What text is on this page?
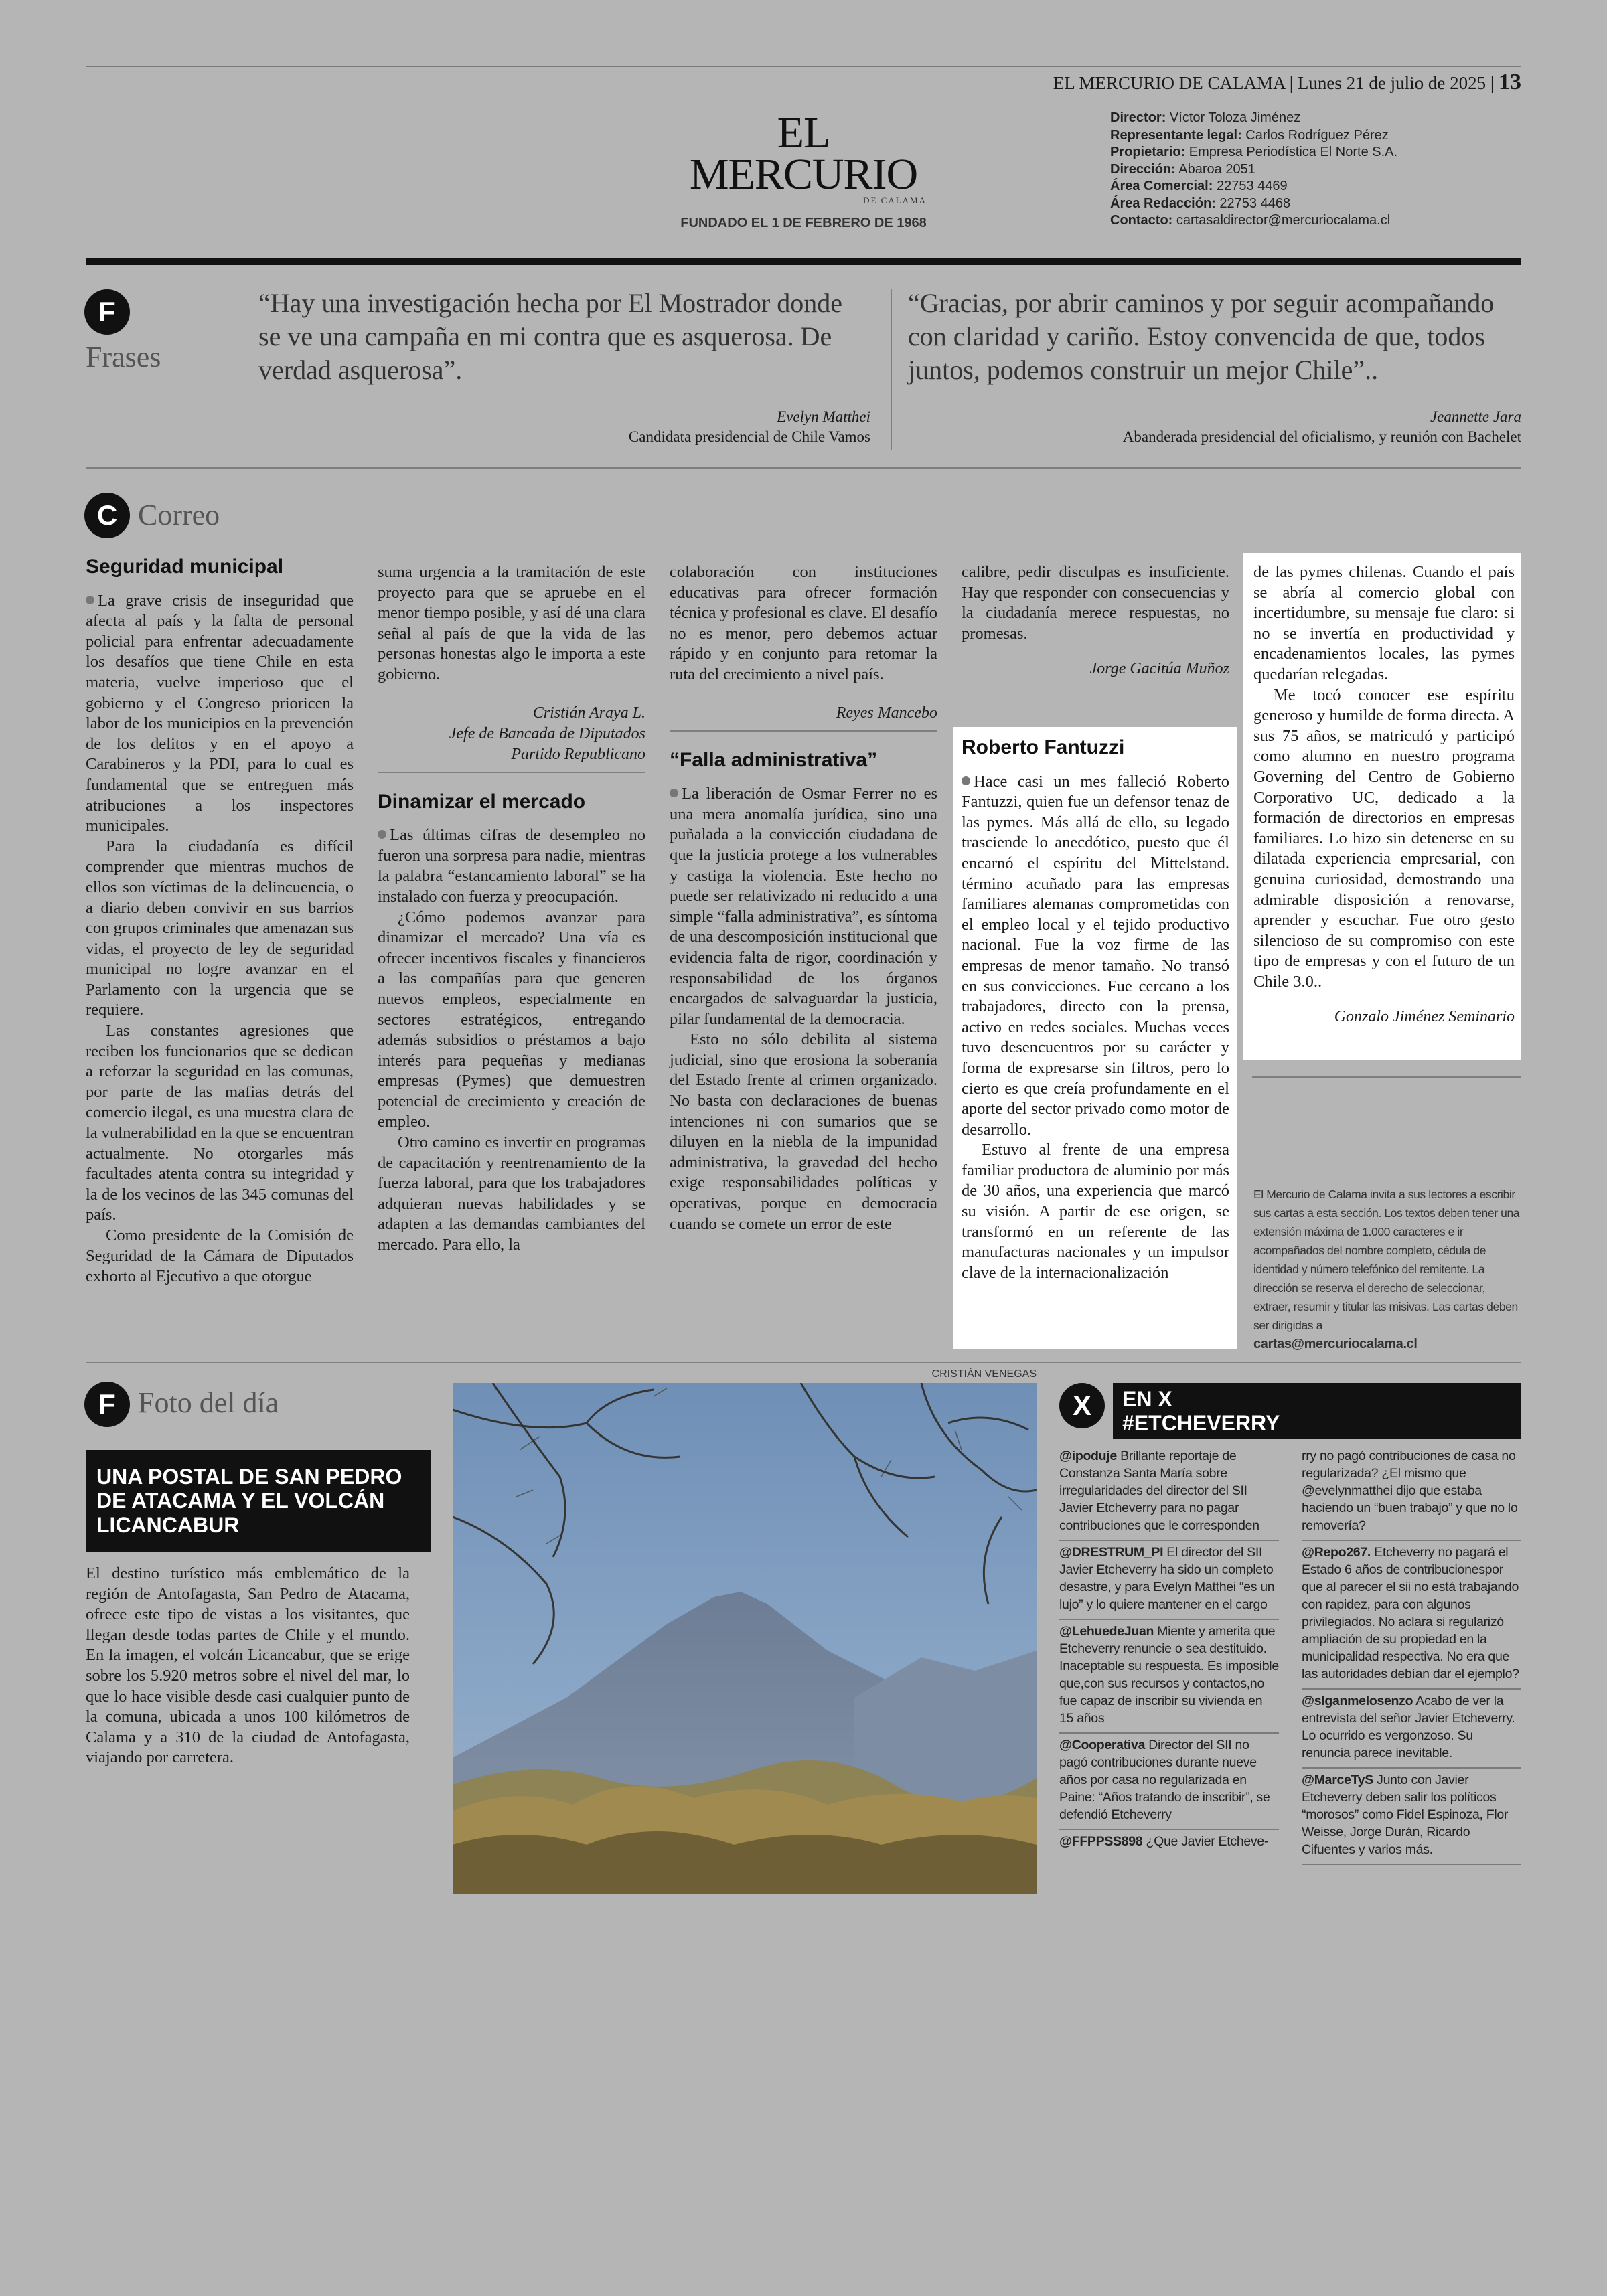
EL MERCURIO DE CALAMA | Lunes 21 de julio de 2025 | 13
EL MERCURIO
DE CALAMA
FUNDADO EL 1 DE FEBRERO DE 1968
Director: Víctor Toloza Jiménez
Representante legal: Carlos Rodríguez Pérez
Propietario: Empresa Periodística El Norte S.A.
Dirección: Abaroa 2051
Área Comercial: 22753 4469
Área Redacción: 22753 4468
Contacto: cartasaldirector@mercuriocalama.cl
F
Frases
“Hay una investigación hecha por El Mostrador donde se ve una campaña en mi contra que es asquerosa. De verdad asquerosa”.
Evelyn Matthei
Candidata presidencial de Chile Vamos
“Gracias, por abrir caminos y por seguir acompañando con claridad y cariño. Estoy convencida de que, todos juntos, podemos construir un mejor Chile”..
Jeannette Jara
Abanderada presidencial del oficialismo, y reunión con Bachelet
C Correo
Seguridad municipal

La grave crisis de inseguridad que afecta al país y la falta de personal policial para enfrentar adecuadamente los desafíos que tiene Chile en esta materia, vuelve imperioso que el gobierno y el Congreso prioricen la labor de los municipios en la prevención de los delitos y en el apoyo a Carabineros y la PDI, para lo cual es fundamental que se entreguen más atribuciones a los inspectores municipales.

Para la ciudadanía es difícil comprender que mientras muchos de ellos son víctimas de la delincuencia, o a diario deben convivir en sus barrios con grupos criminales que amenazan sus vidas, el proyecto de ley de seguridad municipal no logre avanzar en el Parlamento con la urgencia que se requiere.

Las constantes agresiones que reciben los funcionarios que se dedican a reforzar la seguridad en las comunas, por parte de las mafias detrás del comercio ilegal, es una muestra clara de la vulnerabilidad en la que se encuentran actualmente. No otorgarles más facultades atenta contra su integridad y la de los vecinos de las 345 comunas del país.

Como presidente de la Comisión de Seguridad de la Cámara de Diputados exhorto al Ejecutivo a que otorgue

suma urgencia a la tramitación de este proyecto para que se apruebe en el menor tiempo posible, y así dé una clara señal al país de que la vida de las personas honestas algo le importa a este gobierno.

Cristián Araya L.
Jefe de Bancada de Diputados
Partido Republicano
Dinamizar el mercado

Las últimas cifras de desempleo no fueron una sorpresa para nadie, mientras la palabra “estancamiento laboral” se ha instalado con fuerza y preocupación.

¿Cómo podemos avanzar para dinamizar el mercado? Una vía es ofrecer incentivos fiscales y financieros a las compañías para que generen nuevos empleos, especialmente en sectores estratégicos, entregando además subsidios o préstamos a bajo interés para pequeñas y medianas empresas (Pymes) que demuestren potencial de crecimiento y creación de empleo.

Otro camino es invertir en programas de capacitación y reentrenamiento de la fuerza laboral, para que los trabajadores adquieran nuevas habilidades y se adapten a las demandas cambiantes del mercado. Para ello, la

colaboración con instituciones educativas para ofrecer formación técnica y profesional es clave. El desafío no es menor, pero debemos actuar rápido y en conjunto para retomar la ruta del crecimiento a nivel país.

Reyes Mancebo
“Falla administrativa”

La liberación de Osmar Ferrer no es una mera anomalía jurídica, sino una puñalada a la convicción ciudadana de que la justicia protege a los vulnerables y castiga la violencia. Este hecho no puede ser relativizado ni reducido a una simple “falla administrativa”, es síntoma de una descomposición institucional que evidencia falta de rigor, coordinación y responsabilidad de los órganos encargados de salvaguardar la justicia, pilar fundamental de la democracia.

Esto no sólo debilita al sistema judicial, sino que erosiona la soberanía del Estado frente al crimen organizado. No basta con declaraciones de buenas intenciones ni con sumarios que se diluyen en la niebla de la impunidad administrativa, la gravedad del hecho exige responsabilidades políticas y operativas, porque en democracia cuando se comete un error de este

calibre, pedir disculpas es insuficiente. Hay que responder con consecuencias y la ciudadanía merece respuestas, no promesas.

Jorge Gacitúa Muñoz
Roberto Fantuzzi

Hace casi un mes falleció Roberto Fantuzzi, quien fue un defensor tenaz de las pymes. Más allá de ello, su legado trasciende lo anecdótico, puesto que él encarnó el espíritu del Mittelstand. término acuñado para las empresas familiares alemanas comprometidas con el empleo local y el tejido productivo nacional. Fue la voz firme de las empresas de menor tamaño. No transó en sus convicciones. Fue cercano a los trabajadores, directo con la prensa, activo en redes sociales. Muchas veces tuvo desencuentros por su carácter y forma de expresarse sin filtros, pero lo cierto es que creía profundamente en el aporte del sector privado como motor de desarrollo.

Estuvo al frente de una empresa familiar productora de aluminio por más de 30 años, una experiencia que marcó su visión. A partir de ese origen, se transformó en un referente de las manufacturas nacionales y un impulsor clave de la internacionalización

de las pymes chilenas. Cuando el país se abría al comercio global con incertidumbre, su mensaje fue claro: si no se invertía en productividad y encadenamientos locales, las pymes quedarían relegadas.

Me tocó conocer ese espíritu generoso y humilde de forma directa. A sus 75 años, se matriculó y participó como alumno en nuestro programa Governing del Centro de Gobierno Corporativo UC, dedicado a la formación de directorios en empresas familiares. Lo hizo sin detenerse en su dilatada experiencia empresarial, con genuina curiosidad, demostrando una admirable disposición a renovarse, aprender y escuchar. Fue otro gesto silencioso de su compromiso con este tipo de empresas y con el futuro de un Chile 3.0..

Gonzalo Jiménez Seminario
El Mercurio de Calama invita a sus lectores a escribir sus cartas a esta sección. Los textos deben tener una extensión máxima de 1.000 caracteres e ir acompañados del nombre completo, cédula de identidad y número telefónico del remitente. La dirección se reserva el derecho de seleccionar, extraer, resumir y titular las misivas. Las cartas deben ser dirigidas a
cartas@mercuriocalama.cl
F Foto del día
UNA POSTAL DE SAN PEDRO DE ATACAMA Y EL VOLCÁN LICANCABUR
El destino turístico más emblemático de la región de Antofagasta, San Pedro de Atacama, ofrece este tipo de vistas a los visitantes, que llegan desde todas partes de Chile y el mundo. En la imagen, el volcán Licancabur, que se erige sobre los 5.920 metros sobre el nivel del mar, lo que lo hace visible desde casi cualquier punto de la comuna, ubicada a unos 100 kilómetros de Calama y a 310 de la ciudad de Antofagasta, viajando por carretera.
CRISTIÁN VENEGAS
X	EN X
#ETCHEVERRY
@ipoduje Brillante reportaje de Constanza Santa María sobre irregularidades del director del SII Javier Etcheverry para no pagar contribuciones que le corresponden
@DRESTRUM_PI El director del SII Javier Etcheverry ha sido un completo desastre, y para Evelyn Matthei “es un lujo” y lo quiere mantener en el cargo
@LehuedeJuan Miente y amerita que Etcheverry renuncie o sea destituido. Inaceptable su respuesta. Es imposible que,con sus recursos y contactos,no fue capaz de inscribir su vivienda en 15 años
@Cooperativa Director del SII no pagó contribuciones durante nueve años por casa no regularizada en Paine: “Años tratando de inscribir”, se defendió Etcheverry
@FFPPSS898 ¿Que Javier Etcheve-
rry no pagó contribuciones de casa no regularizada? ¿El mismo que @evelynmatthei dijo que estaba haciendo un “buen trabajo” y que no lo removería?
@Repo267. Etcheverry no pagará el Estado 6 años de contribucionespor que al parecer el sii no está trabajando con rapidez, para con algunos privilegiados. No aclara si regularizó ampliación de su propiedad en la municipalidad respectiva. No era que las autoridades debían dar el ejemplo?
@slganmelosenzo Acabo de ver la entrevista del señor Javier Etcheverry. Lo ocurrido es vergonzoso. Su renuncia parece inevitable.
@MarceTyS Junto con Javier Etcheverry deben salir los políticos “morosos” como Fidel Espinoza, Flor Weisse, Jorge Durán, Ricardo Cifuentes y varios más.
